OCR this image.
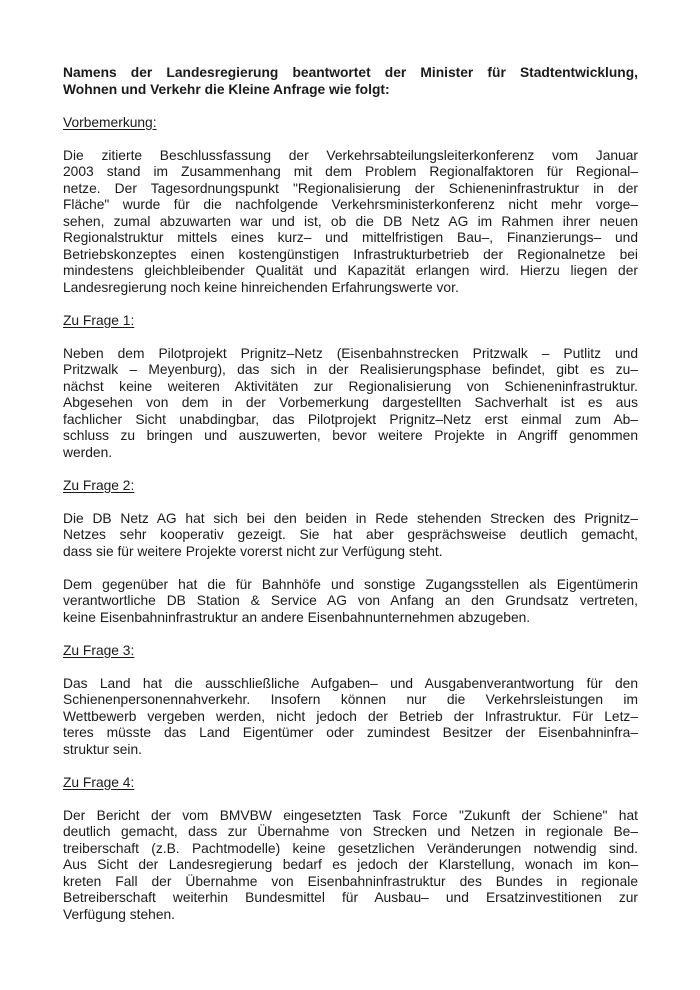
Namens der Landesregierung beantwortet der Minister für Stadtentwicklung,
Wohnen und Verkehr die Kleine Anfrage wie folgt:
Vorbemerkung:
Die zitierte Beschlussfassung der Verkehrsabteilungsleiterkonferenz vom Januar
2003 stand im Zusammenhang mit dem Problem Regionalfaktoren für Regional–
netze. Der Tagesordnungspunkt "Regionalisierung der Schieneninfrastruktur in der
Fläche" wurde für die nachfolgende Verkehrsministerkonferenz nicht mehr vorge–
sehen, zumal abzuwarten war und ist, ob die DB Netz AG im Rahmen ihrer neuen
Regionalstruktur mittels eines kurz– und mittelfristigen Bau–, Finanzierungs– und
Betriebskonzeptes einen kostengünstigen Infrastrukturbetrieb der Regionalnetze bei
mindestens gleichbleibender Qualität und Kapazität erlangen wird. Hierzu liegen der
Landesregierung noch keine hinreichenden Erfahrungswerte vor.
Zu Frage 1:
Neben dem Pilotprojekt Prignitz–Netz (Eisenbahnstrecken Pritzwalk – Putlitz und
Pritzwalk – Meyenburg), das sich in der Realisierungsphase befindet, gibt es zu–
nächst keine weiteren Aktivitäten zur Regionalisierung von Schieneninfrastruktur.
Abgesehen von dem in der Vorbemerkung dargestellten Sachverhalt ist es aus
fachlicher Sicht unabdingbar, das Pilotprojekt Prignitz–Netz erst einmal zum Ab–
schluss zu bringen und auszuwerten, bevor weitere Projekte in Angriff genommen
werden.
Zu Frage 2:
Die DB Netz AG hat sich bei den beiden in Rede stehenden Strecken des Prignitz–
Netzes sehr kooperativ gezeigt. Sie hat aber gesprächsweise deutlich gemacht,
dass sie für weitere Projekte vorerst nicht zur Verfügung steht.
Dem gegenüber hat die für Bahnhöfe und sonstige Zugangsstellen als Eigentümerin
verantwortliche DB Station & Service AG von Anfang an den Grundsatz vertreten,
keine Eisenbahninfrastruktur an andere Eisenbahnunternehmen abzugeben.
Zu Frage 3:
Das Land hat die ausschließliche Aufgaben– und Ausgabenverantwortung für den
Schienenpersonennahverkehr. Insofern können nur die Verkehrsleistungen im
Wettbewerb vergeben werden, nicht jedoch der Betrieb der Infrastruktur. Für Letz–
teres müsste das Land Eigentümer oder zumindest Besitzer der Eisenbahninfra–
struktur sein.
Zu Frage 4:
Der Bericht der vom BMVBW eingesetzten Task Force "Zukunft der Schiene" hat
deutlich gemacht, dass zur Übernahme von Strecken und Netzen in regionale Be–
treiberschaft (z.B. Pachtmodelle) keine gesetzlichen Veränderungen notwendig sind.
Aus Sicht der Landesregierung bedarf es jedoch der Klarstellung, wonach im kon–
kreten Fall der Übernahme von Eisenbahninfrastruktur des Bundes in regionale
Betreiberschaft weiterhin Bundesmittel für Ausbau– und Ersatzinvestitionen zur
Verfügung stehen.
